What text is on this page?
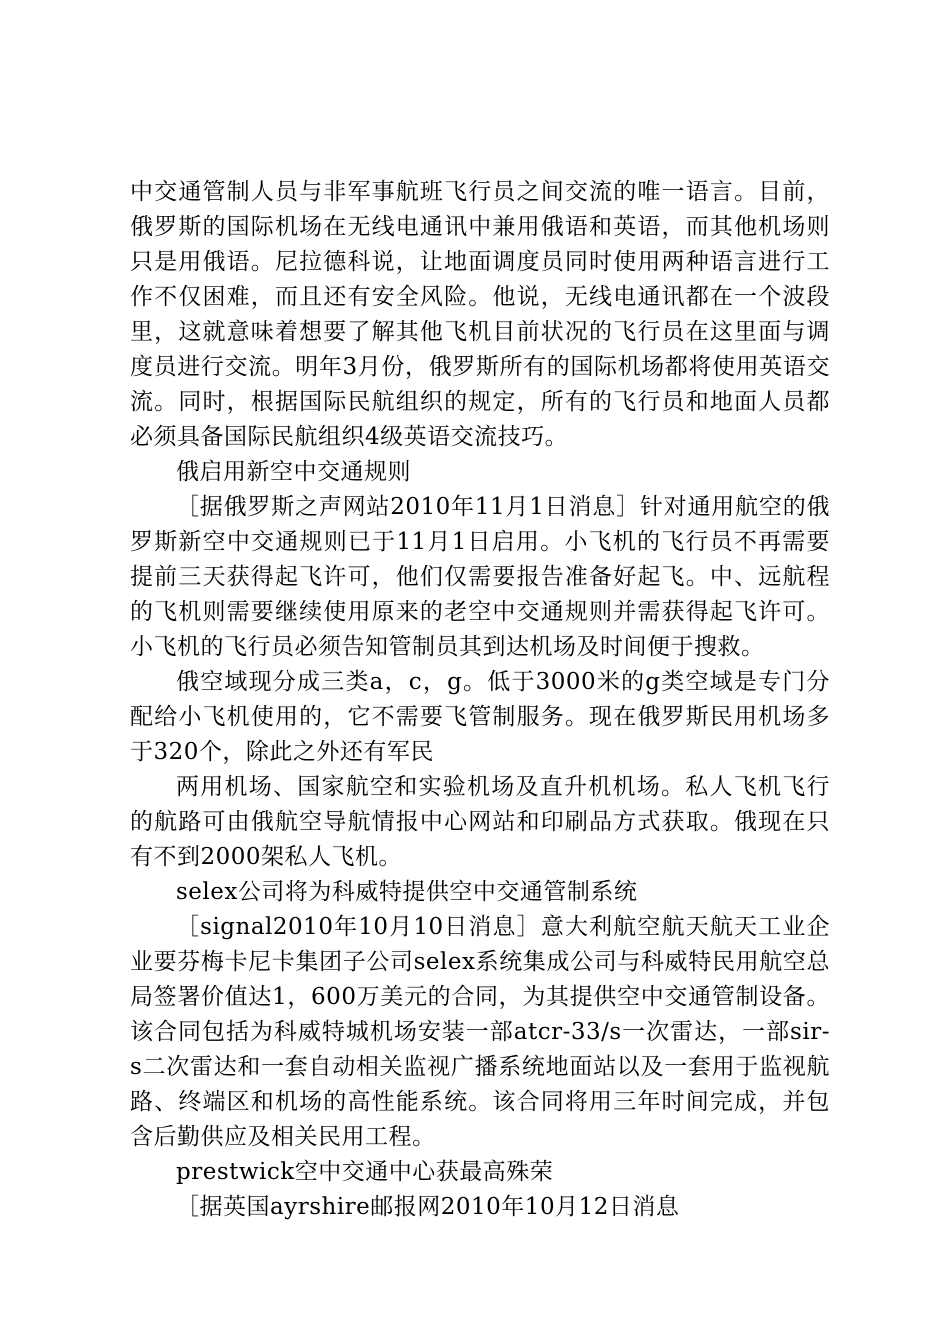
中交通管制人员与非军事航班飞行员之间交流的唯一语言。目前，俄罗斯的国际机场在无线电通讯中兼用俄语和英语，而其他机场则只是用俄语。尼拉德科说，让地面调度员同时使用两种语言进行工作不仅困难，而且还有安全风险。他说，无线电通讯都在一个波段里，这就意味着想要了解其他飞机目前状况的飞行员在这里面与调度员进行交流。明年3月份，俄罗斯所有的国际机场都将使用英语交流。同时，根据国际民航组织的规定，所有的飞行员和地面人员都必须具备国际民航组织4级英语交流技巧。

俄启用新空中交通规则

［据俄罗斯之声网站2010年11月1日消息］针对通用航空的俄罗斯新空中交通规则已于11月1日启用。小飞机的飞行员不再需要提前三天获得起飞许可，他们仅需要报告准备好起飞。中、远航程的飞机则需要继续使用原来的老空中交通规则并需获得起飞许可。小飞机的飞行员必须告知管制员其到达机场及时间便于搜救。

俄空域现分成三类a，c，g。低于3000米的g类空域是专门分配给小飞机使用的，它不需要飞管制服务。现在俄罗斯民用机场多于320个，除此之外还有军民

两用机场、国家航空和实验机场及直升机机场。私人飞机飞行的航路可由俄航空导航情报中心网站和印刷品方式获取。俄现在只有不到2000架私人飞机。

selex公司将为科威特提供空中交通管制系统

［signal2010年10月10日消息］意大利航空航天航天工业企业要芬梅卡尼卡集团子公司selex系统集成公司与科威特民用航空总局签署价值达1，600万美元的合同，为其提供空中交通管制设备。该合同包括为科威特城机场安装一部atcr-33/s一次雷达，一部sir-s二次雷达和一套自动相关监视广播系统地面站以及一套用于监视航路、终端区和机场的高性能系统。该合同将用三年时间完成，并包含后勤供应及相关民用工程。

prestwick空中交通中心获最高殊荣

［据英国ayrshire邮报网2010年10月12日消息
